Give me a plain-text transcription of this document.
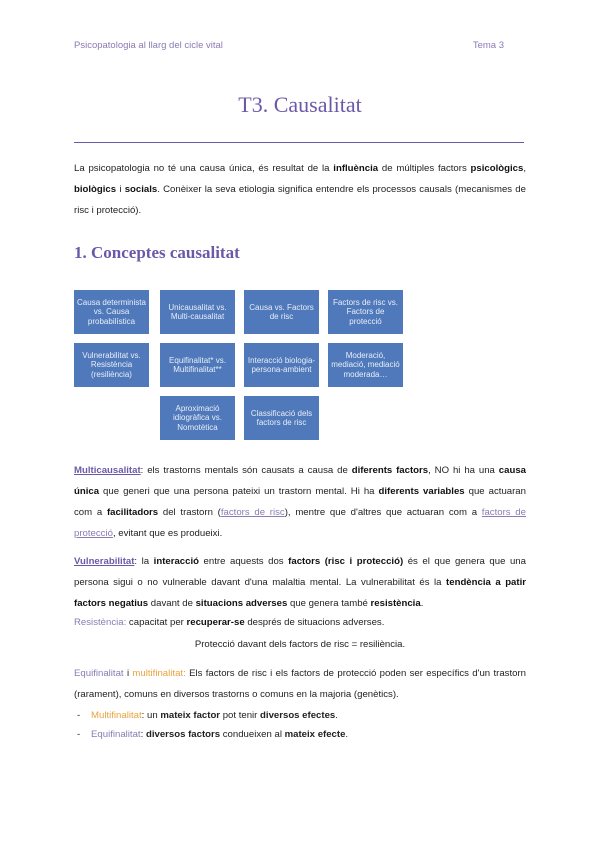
Psicopatologia al llarg del cicle vital	Tema 3
T3. Causalitat
La psicopatologia no té una causa única, és resultat de la influència de múltiples factors psicològics, biològics i socials. Conèixer la seva etiologia significa entendre els processos causals (mecanismes de risc i protecció).
1. Conceptes causalitat
Causa determinista vs. Causa probabilística
Unicausalitat vs. Multi-causalitat
Causa vs. Factors de risc
Factors de risc vs. Factors de protecció
Vulnerabilitat vs. Resistència (resiliència)
Equifinalitat* vs. Multifinalitat**
Interacció biologia-persona-ambient
Moderació, mediació, mediació moderada…
Aproximació idiogràfica vs. Nomotètica
Classificació dels factors de risc
Multicausalitat: els trastorns mentals són causats a causa de diferents factors, NO hi ha una causa única que generi que una persona pateixi un trastorn mental. Hi ha diferents variables que actuaran com a facilitadors del trastorn (factors de risc), mentre que d'altres que actuaran com a factors de protecció, evitant que es produeixi.
Vulnerabilitat: la interacció entre aquests dos factors (risc i protecció) és el que genera que una persona sigui o no vulnerable davant d'una malaltia mental. La vulnerabilitat és la tendència a patir factors negatius davant de situacions adverses que genera també resistència.
Resistència: capacitat per recuperar-se després de situacions adverses.
Protecció davant dels factors de risc = resiliència.
Equifinalitat i multifinalitat: Els factors de risc i els factors de protecció poden ser específics d'un trastorn (rarament), comuns en diversos trastorns o comuns en la majoria (genètics).
- Multifinalitat: un mateix factor pot tenir diversos efectes.
- Equifinalitat: diversos factors condueixen al mateix efecte.
